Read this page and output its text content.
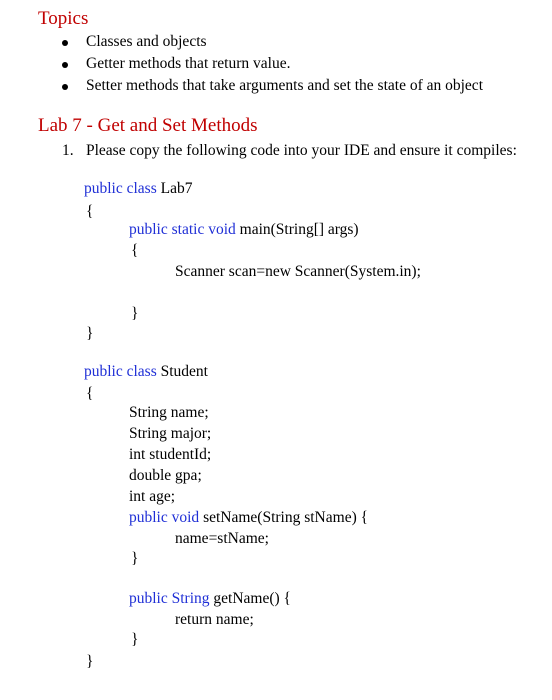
Topics
Classes and objects
Getter methods that return value.
Setter methods that take arguments and set the state of an object
Lab 7 - Get and Set Methods
1. Please copy the following code into your IDE and ensure it compiles:
public class Lab7
{
public static void main(String[] args)
{
Scanner scan=new Scanner(System.in);
}
}
public class Student
{
String name;
String major;
int studentId;
double gpa;
int age;
public void setName(String stName) {
name=stName;
}
public String getName() {
return name;
}
}
